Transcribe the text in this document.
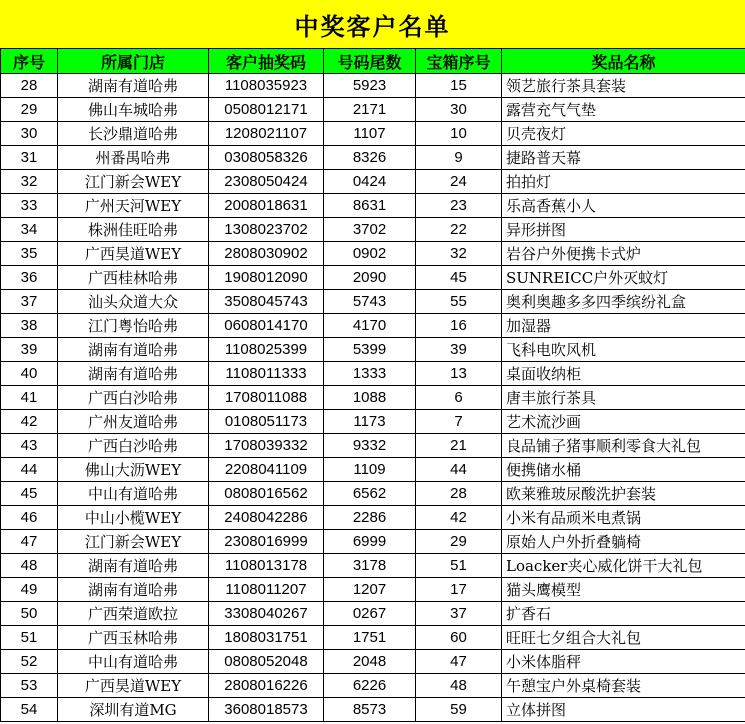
中奖客户名单
序号	所属门店	客户抽奖码	号码尾数	宝箱序号	奖品名称
28	湖南有道哈弗	1108035923	5923	15	领艺旅行茶具套装
29	佛山车城哈弗	0508012171	2171	30	露营充气气垫
30	长沙鼎道哈弗	1208021107	1107	10	贝壳夜灯
31	州番禺哈弗	0308058326	8326	9	捷路普天幕
32	江门新会WEY	2308050424	0424	24	拍拍灯
33	广州天河WEY	2008018631	8631	23	乐高香蕉小人
34	株洲佳旺哈弗	1308023702	3702	22	异形拼图
35	广西昊道WEY	2808030902	0902	32	岩谷户外便携卡式炉
36	广西桂林哈弗	1908012090	2090	45	SUNREICC户外灭蚊灯
37	汕头众道大众	3508045743	5743	55	奥利奥趣多多四季缤纷礼盒
38	江门粤怡哈弗	0608014170	4170	16	加湿器
39	湖南有道哈弗	1108025399	5399	39	飞科电吹风机
40	湖南有道哈弗	1108011333	1333	13	桌面收纳柜
41	广西白沙哈弗	1708011088	1088	6	唐丰旅行茶具
42	广州友道哈弗	0108051173	1173	7	艺术流沙画
43	广西白沙哈弗	1708039332	9332	21	良品铺子猪事顺利零食大礼包
44	佛山大沥WEY	2208041109	1109	44	便携储水桶
45	中山有道哈弗	0808016562	6562	28	欧莱雅玻尿酸洗护套装
46	中山小榄WEY	2408042286	2286	42	小米有品顽米电煮锅
47	江门新会WEY	2308016999	6999	29	原始人户外折叠躺椅
48	湖南有道哈弗	1108013178	3178	51	Loacker夹心威化饼干大礼包
49	湖南有道哈弗	1108011207	1207	17	猫头鹰模型
50	广西荣道欧拉	3308040267	0267	37	扩香石
51	广西玉林哈弗	1808031751	1751	60	旺旺七夕组合大礼包
52	中山有道哈弗	0808052048	2048	47	小米体脂秤
53	广西昊道WEY	2808016226	6226	48	午憩宝户外桌椅套装
54	深圳有道MG	3608018573	8573	59	立体拼图
